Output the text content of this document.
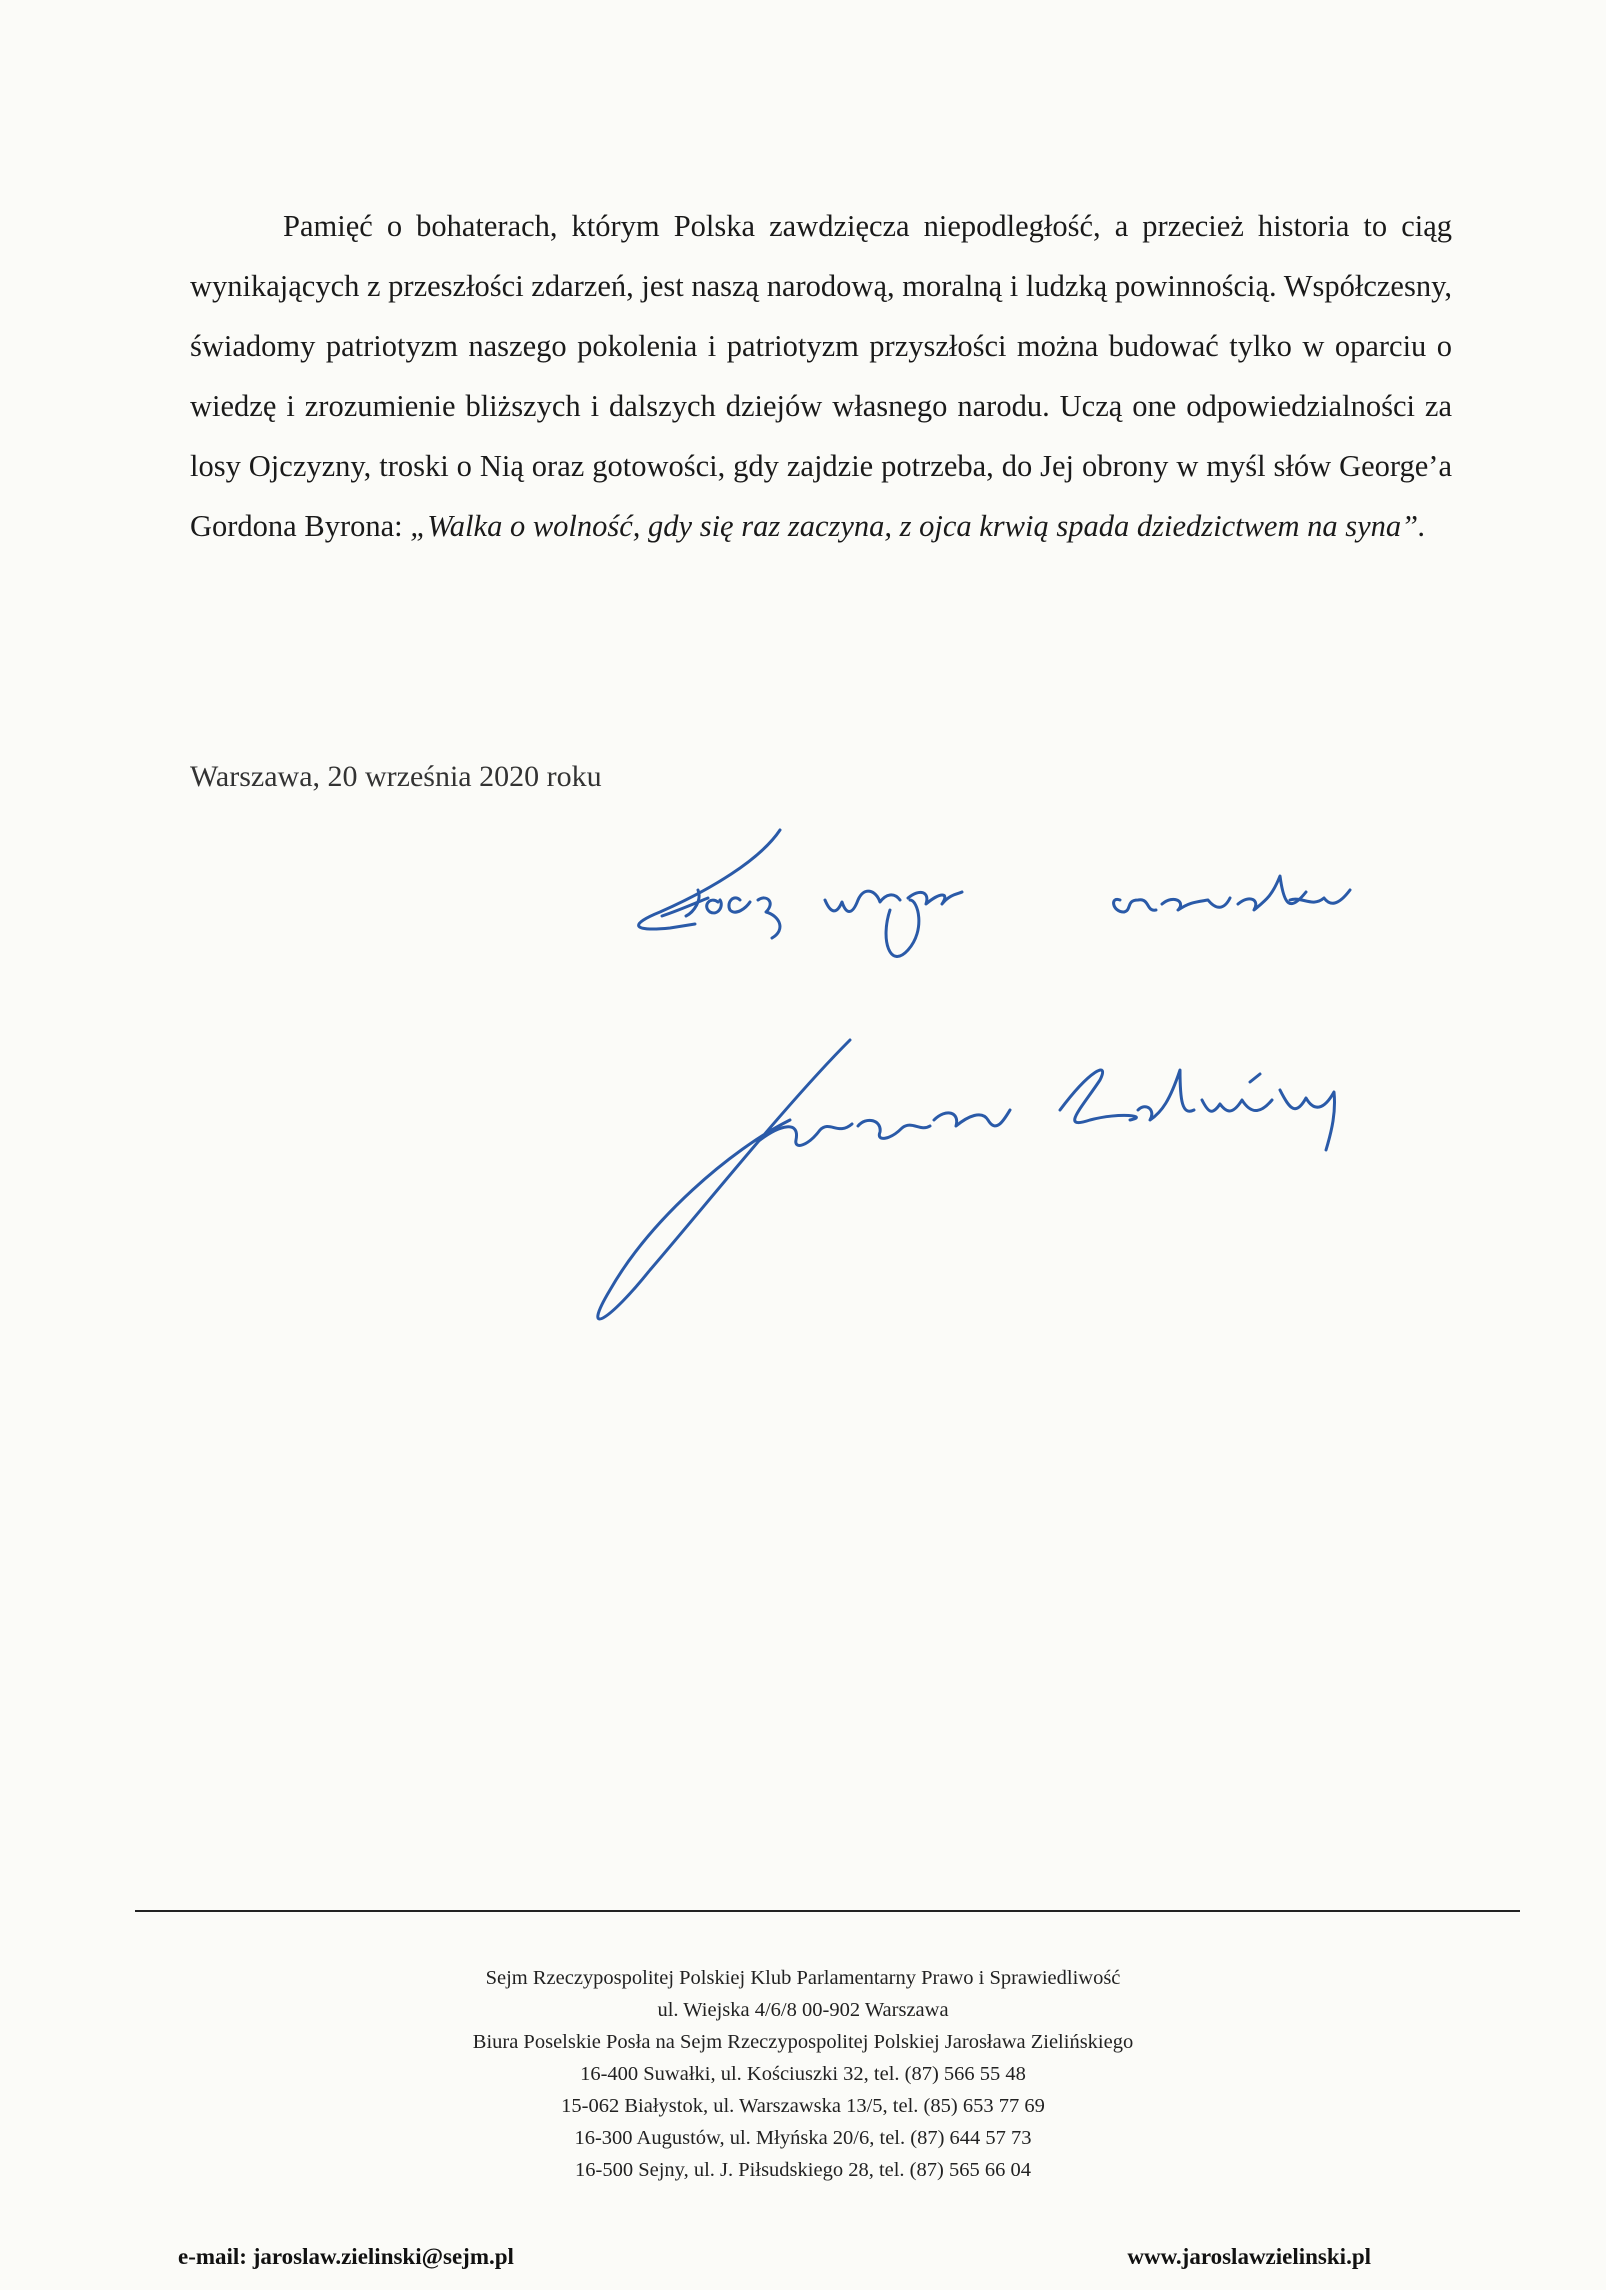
Pamięć o bohaterach, którym Polska zawdzięcza niepodległość, a przecież historia to ciąg wynikających z przeszłości zdarzeń, jest naszą narodową, moralną i ludzką powinnością. Współczesny, świadomy patriotyzm naszego pokolenia i patriotyzm przyszłości można budować tylko w oparciu o wiedzę i zrozumienie bliższych i dalszych dziejów własnego narodu. Uczą one odpowiedzialności za losy Ojczyzny, troski o Nią oraz gotowości, gdy zajdzie potrzeba, do Jej obrony w myśl słów George’a Gordona Byrona: „Walka o wolność, gdy się raz zaczyna, z ojca krwią spada dziedzictwem na syna”.

Warszawa, 20 września 2020 roku
Sejm Rzeczypospolitej Polskiej Klub Parlamentarny Prawo i Sprawiedliwość
ul. Wiejska 4/6/8 00-902 Warszawa
Biura Poselskie Posła na Sejm Rzeczypospolitej Polskiej Jarosława Zielińskiego
16-400 Suwałki, ul. Kościuszki 32, tel. (87) 566 55 48
15-062 Białystok, ul. Warszawska 13/5, tel. (85) 653 77 69
16-300 Augustów, ul. Młyńska 20/6, tel. (87) 644 57 73
16-500 Sejny, ul. J. Piłsudskiego 28, tel. (87) 565 66 04
e-mail: jaroslaw.zielinski@sejm.pl	www.jaroslawzielinski.pl
